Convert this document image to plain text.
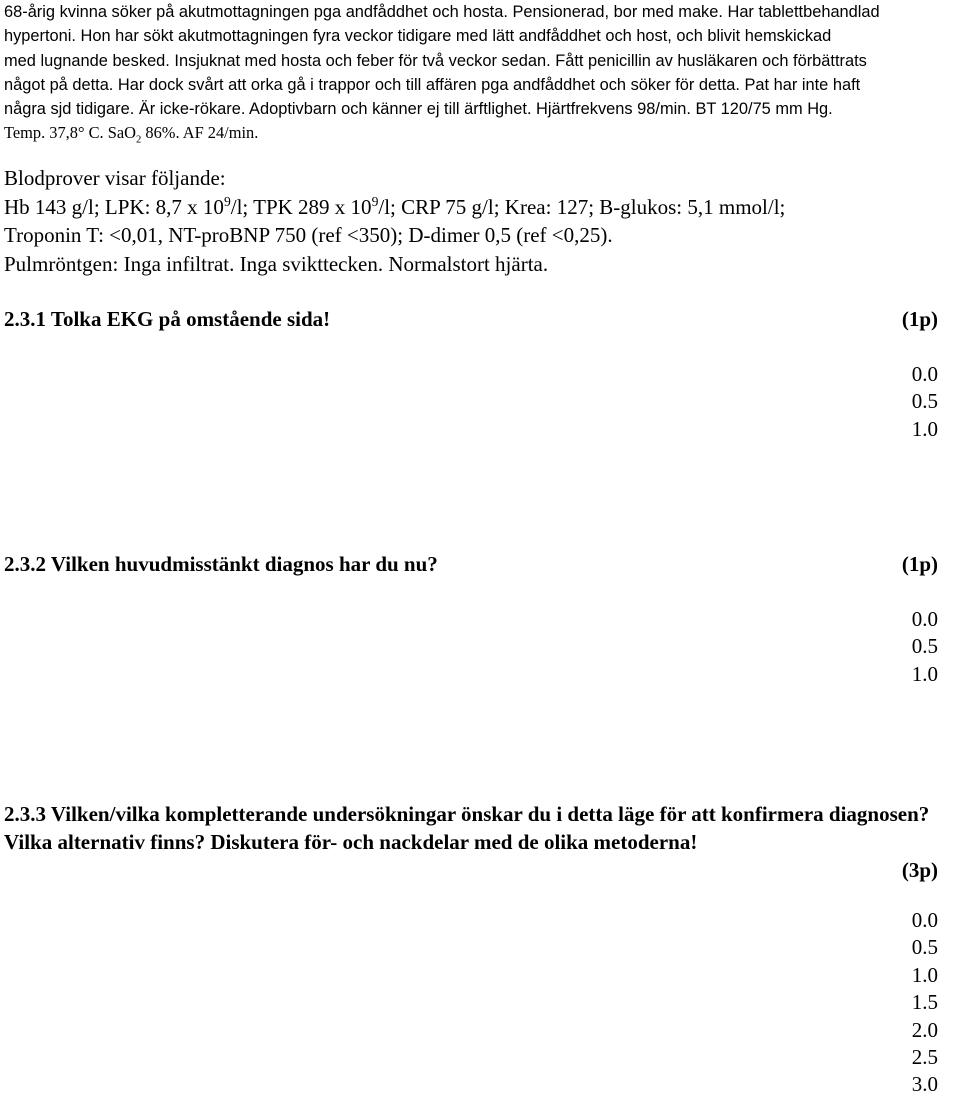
68-årig kvinna söker på akutmottagningen pga andfåddhet och hosta. Pensionerad, bor med make. Har tablettbehandlad
hypertoni. Hon har sökt akutmottagningen fyra veckor tidigare med lätt andfåddhet och host, och blivit hemskickad
med lugnande besked. Insjuknat med hosta och feber för två veckor sedan. Fått penicillin av husläkaren och förbättrats
något på detta. Har dock svårt att orka gå i trappor och till affären pga andfåddhet och söker för detta. Pat har inte haft
några sjd tidigare. Är icke-rökare. Adoptivbarn och känner ej till ärftlighet. Hjärtfrekvens 98/min. BT 120/75 mm Hg.
Temp. 37,8° C. SaO$_2$ 86%. AF 24/min.
Blodprover visar följande:
Hb 143 g/l; LPK: 8,7 x $10^9/l$; TPK 289 x $10^9/l$; CRP 75 g/l; Krea: 127; B-glukos: 5,1 mmol/l;
Troponin T: <0,01, NT-proBNP 750 (ref <350); D-dimer 0,5 (ref <0,25).
Pulmröntgen: Inga infiltrat. Inga svikttecken. Normalstort hjärta.
2.3.1 Tolka EKG på omstående sida!	(1p)
0.0
0.5
1.0
2.3.2 Vilken huvudmisstänkt diagnos har du nu?	(1p)
0.0
0.5
1.0
2.3.3 Vilken/vilka kompletterande undersökningar önskar du i detta läge för att konfirmera diagnosen? Vilka alternativ finns? Diskutera för- och nackdelar med de olika metoderna!
(3p)
0.0
0.5
1.0
1.5
2.0
2.5
3.0
